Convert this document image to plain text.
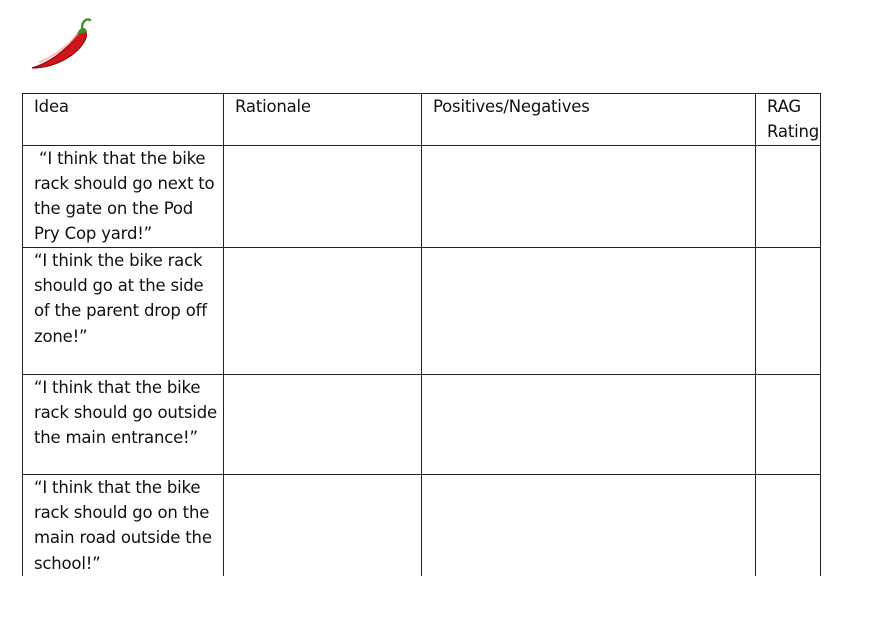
Idea	Rationale	Positives/Negatives	RAG Rating

“I think that the bike rack should go next to the gate on the Pod Pry Cop yard!”			

“I think the bike rack should go at the side of the parent drop off zone!”			

“I think that the bike rack should go outside the main entrance!”			

“I think that the bike rack should go on the main road outside the school!”			
